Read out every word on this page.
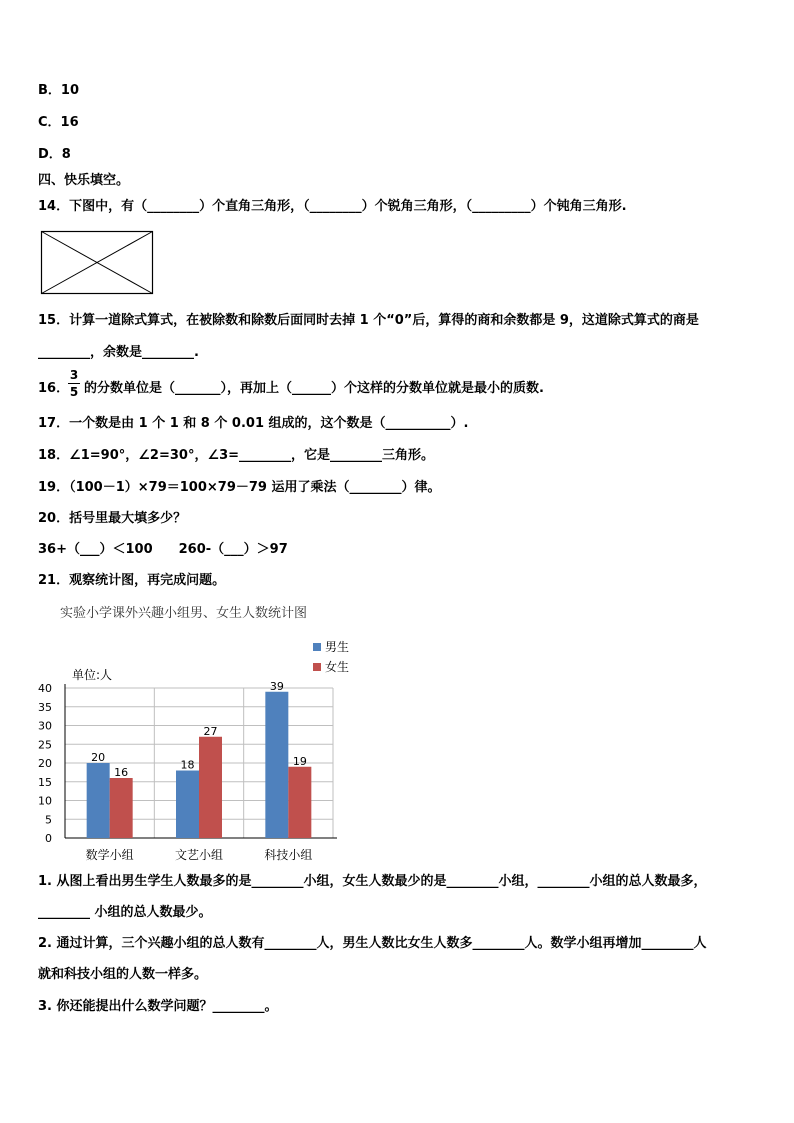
B．10
C．16
D．8
四、快乐填空。
14．下图中，有（________）个直角三角形，（________）个锐角三角形，（_________）个钝角三角形.
15．计算一道除式算式，在被除数和除数后面同时去掉 1 个“0”后，算得的商和余数都是 9，这道除式算式的商是
________，余数是________.
16．
3
5 的分数单位是（_______），再加上（______）个这样的分数单位就是最小的质数.
17．一个数是由 1 个 1 和 8 个 0.01 组成的，这个数是（__________）.
18．∠1=90°，∠2=30°，∠3=________，它是________三角形。
19．（100－1）×79＝100×79－79 运用了乘法（________）律。
20．括号里最大填多少？
36+（___）＜100　　260-（___）＞97
21．观察统计图，再完成问题。
实验小学课外兴趣小组男、女生人数统计图
单位:人
男生
女生
0
5
10
15
20
25
30
35
40
20
16
数学小组
18
27
文艺小组
39
19
科技小组
1. 从图上看出男生学生人数最多的是________小组，女生人数最少的是________小组，________小组的总人数最多，
________ 小组的总人数最少。
2. 通过计算，三个兴趣小组的总人数有________人，男生人数比女生人数多________人。数学小组再增加________人
就和科技小组的人数一样多。
3. 你还能提出什么数学问题？________。
